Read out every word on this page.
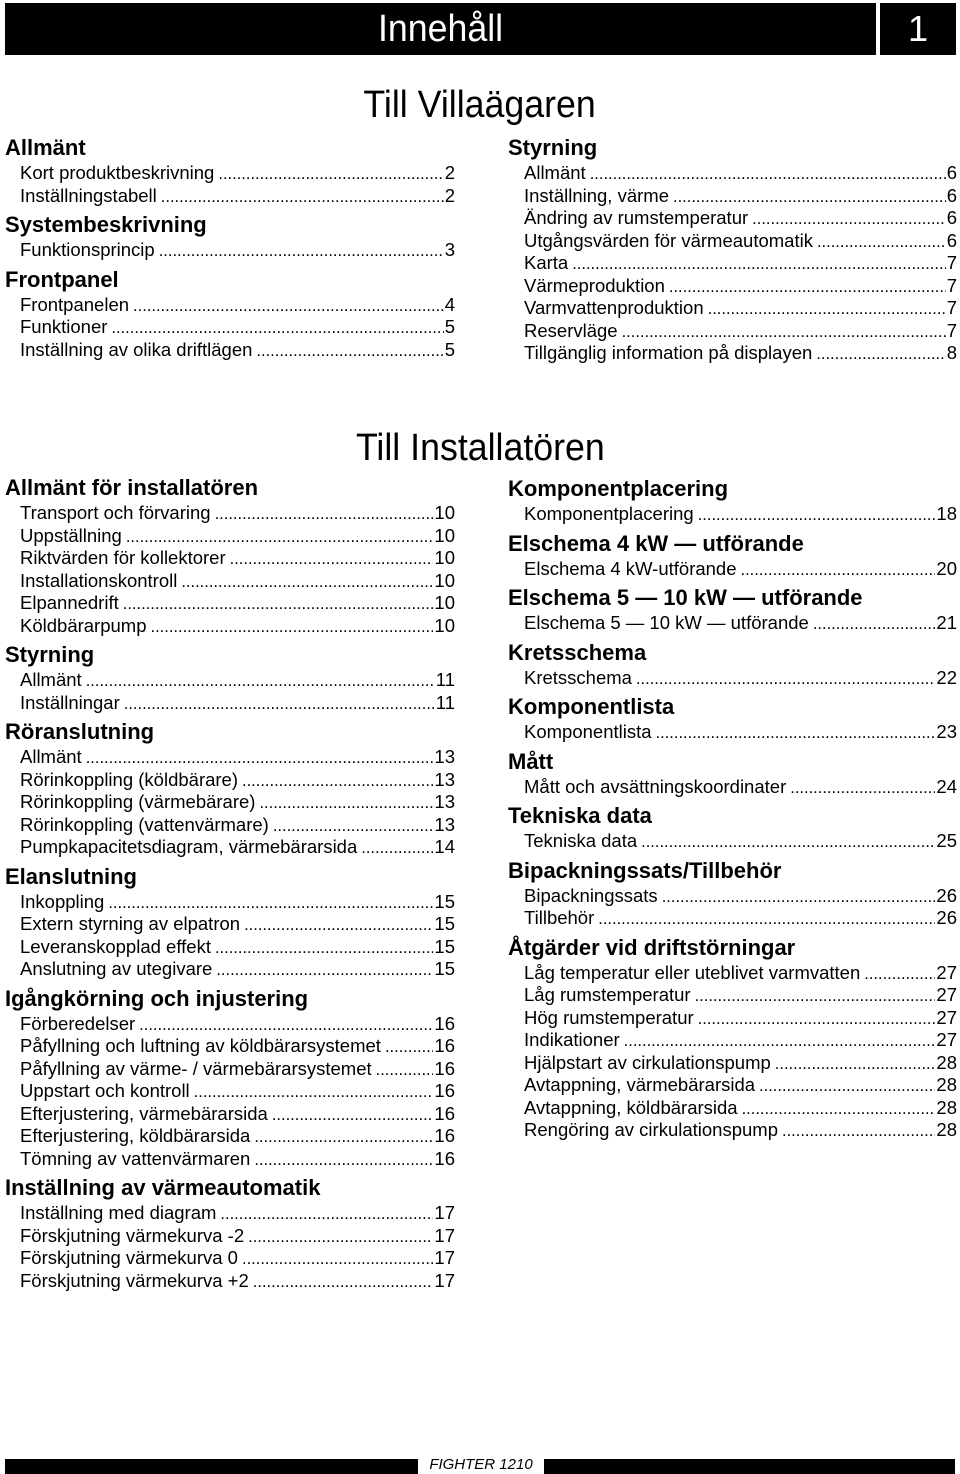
Innehåll	1
Till Villaägaren
Allmänt
Kort produktbeskrivning .....	2
Inställningstabell .....	2
Systembeskrivning
Funktionsprincip .....	3
Frontpanel
Frontpanelen .....	4
Funktioner .....	5
Inställning av olika driftlägen .....	5
Styrning
Allmänt .....	6
Inställning, värme .....	6
Ändring av rumstemperatur .....	6
Utgångsvärden för värmeautomatik .....	6
Karta .....	7
Värmeproduktion .....	7
Varmvattenproduktion .....	7
Reservläge .....	7
Tillgänglig information på displayen .....	8
Till Installatören
Allmänt för installatören
Transport och förvaring .....	10
Uppställning .....	10
Riktvärden för kollektorer .....	10
Installationskontroll .....	10
Elpannedrift .....	10
Köldbärarpump .....	10
Styrning
Allmänt .....	11
Inställningar .....	11
Röranslutning
Allmänt .....	13
Rörinkoppling (köldbärare) .....	13
Rörinkoppling (värmebärare) .....	13
Rörinkoppling (vattenvärmare) .....	13
Pumpkapacitetsdiagram, värmebärarsida .....	14
Elanslutning
Inkoppling .....	15
Extern styrning av elpatron .....	15
Leveranskopplad effekt .....	15
Anslutning av utegivare .....	15
Igångkörning och injustering
Förberedelser .....	16
Påfyllning och luftning av köldbärarsystemet .....	16
Påfyllning av värme- / värmebärarsystemet .....	16
Uppstart och kontroll .....	16
Efterjustering, värmebärarsida .....	16
Efterjustering, köldbärarsida .....	16
Tömning av vattenvärmaren .....	16
Inställning av värmeautomatik
Inställning med diagram .....	17
Förskjutning värmekurva -2 .....	17
Förskjutning värmekurva 0 .....	17
Förskjutning värmekurva +2 .....	17
Komponentplacering
Komponentplacering .....	18
Elschema 4 kW — utförande
Elschema 4 kW-utförande .....	20
Elschema 5 — 10 kW — utförande
Elschema 5 — 10 kW — utförande .....	21
Kretsschema
Kretsschema .....	22
Komponentlista
Komponentlista .....	23
Mått
Mått och avsättningskoordinater .....	24
Tekniska data
Tekniska data .....	25
Bipackningssats/Tillbehör
Bipackningssats .....	26
Tillbehör .....	26
Åtgärder vid driftstörningar
Låg temperatur eller uteblivet varmvatten .....	27
Låg rumstemperatur .....	27
Hög rumstemperatur .....	27
Indikationer .....	27
Hjälpstart av cirkulationspump .....	28
Avtappning, värmebärarsida .....	28
Avtappning, köldbärarsida .....	28
Rengöring av cirkulationspump .....	28
FIGHTER 1210
